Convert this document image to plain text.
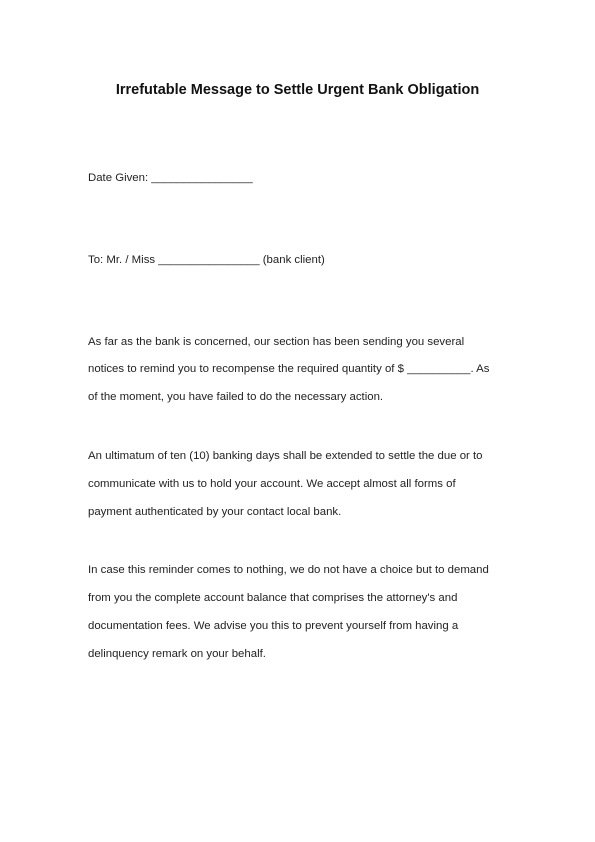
Irrefutable Message to Settle Urgent Bank Obligation
Date Given: ________________
To: Mr. / Miss ________________ (bank client)
As far as the bank is concerned, our section has been sending you several
notices to remind you to recompense the required quantity of $ __________. As
of the moment, you have failed to do the necessary action.
An ultimatum of ten (10) banking days shall be extended to settle the due or to
communicate with us to hold your account. We accept almost all forms of
payment authenticated by your contact local bank.
In case this reminder comes to nothing, we do not have a choice but to demand
from you the complete account balance that comprises the attorney's and
documentation fees. We advise you this to prevent yourself from having a
delinquency remark on your behalf.
